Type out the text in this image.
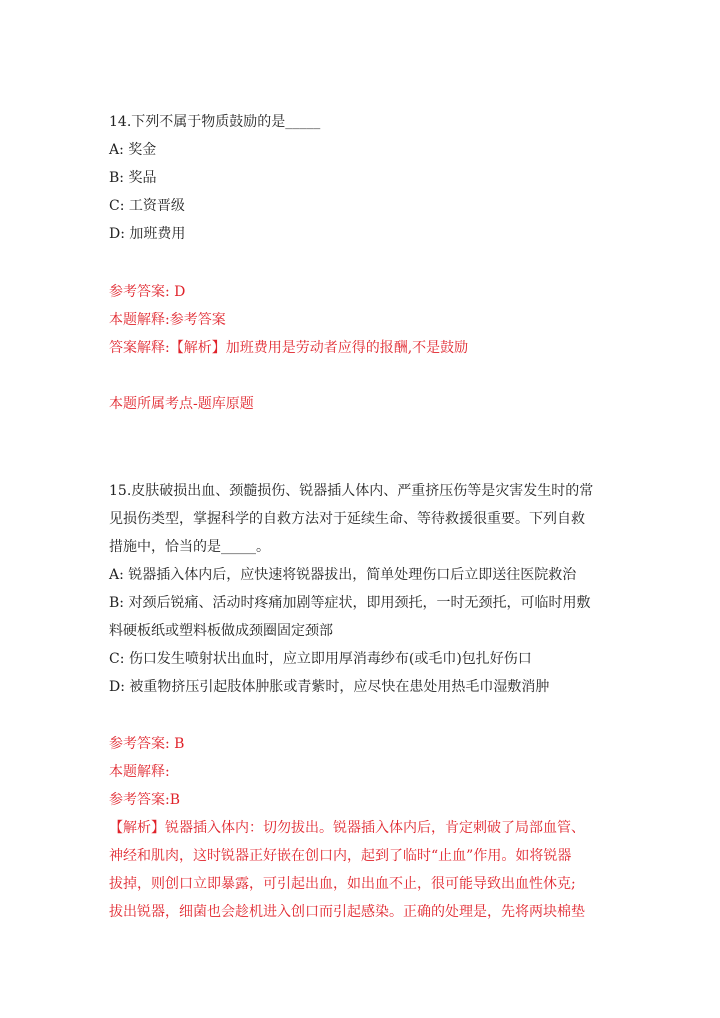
14.下列不属于物质鼓励的是_____
A: 奖金
B: 奖品
C: 工资晋级
D: 加班费用
参考答案: D
本题解释:参考答案
答案解释:【解析】加班费用是劳动者应得的报酬,不是鼓励
本题所属考点-题库原题
15.皮肤破损出血、颈髓损伤、锐器插人体内、严重挤压伤等是灾害发生时的常
见损伤类型，掌握科学的自救方法对于延续生命、等待救援很重要。下列自救
措施中，恰当的是_____。
A: 锐器插入体内后，应快速将锐器拔出，简单处理伤口后立即送往医院救治
B: 对颈后锐痛、活动时疼痛加剧等症状，即用颈托，一时无颈托，可临时用敷
料硬板纸或塑料板做成颈圈固定颈部
C: 伤口发生喷射状出血时，应立即用厚消毒纱布(或毛巾)包扎好伤口
D: 被重物挤压引起肢体肿胀或青紫时，应尽快在患处用热毛巾湿敷消肿
参考答案: B
本题解释:
参考答案:B
【解析】锐器插入体内：切勿拔出。锐器插入体内后，肯定刺破了局部血管、
神经和肌肉，这时锐器正好嵌在创口内，起到了临时“止血”作用。如将锐器
拔掉，则创口立即暴露，可引起出血，如出血不止，很可能导致出血性休克;
拔出锐器，细菌也会趁机进入创口而引起感染。正确的处理是，先将两块棉垫
